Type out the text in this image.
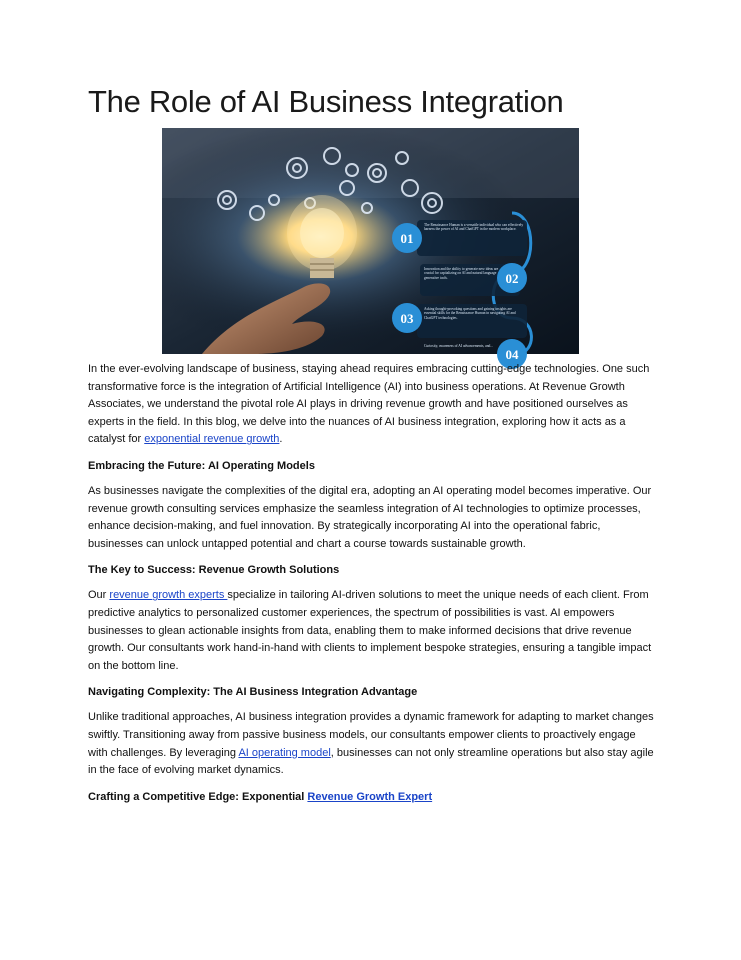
The Role of AI Business Integration
01
02
03
04
The Renaissance Human is a versatile individual who can effectively harness the power of AI and ChatGPT in the modern workplace.
Innovation and the ability to generate new ideas are crucial for capitalizing on AI and natural language generative tools.
Asking thought-provoking questions and gaining insights are essential skills for the Renaissance Human in navigating AI and ChatGPT technologies.
Curiosity, awareness of AI advancements, and...

In the ever-evolving landscape of business, staying ahead requires embracing cutting-edge technologies. One such transformative force is the integration of Artificial Intelligence (AI) into business operations. At Revenue Growth Associates, we understand the pivotal role AI plays in driving revenue growth and have positioned ourselves as experts in the field. In this blog, we delve into the nuances of AI business integration, exploring how it acts as a catalyst for exponential revenue growth.

Embracing the Future: AI Operating Models

As businesses navigate the complexities of the digital era, adopting an AI operating model becomes imperative. Our revenue growth consulting services emphasize the seamless integration of AI technologies to optimize processes, enhance decision-making, and fuel innovation. By strategically incorporating AI into the operational fabric, businesses can unlock untapped potential and chart a course towards sustainable growth.

The Key to Success: Revenue Growth Solutions

Our revenue growth experts specialize in tailoring AI-driven solutions to meet the unique needs of each client. From predictive analytics to personalized customer experiences, the spectrum of possibilities is vast. AI empowers businesses to glean actionable insights from data, enabling them to make informed decisions that drive revenue growth. Our consultants work hand-in-hand with clients to implement bespoke strategies, ensuring a tangible impact on the bottom line.

Navigating Complexity: The AI Business Integration Advantage

Unlike traditional approaches, AI business integration provides a dynamic framework for adapting to market changes swiftly. Transitioning away from passive business models, our consultants empower clients to proactively engage with challenges. By leveraging AI operating model, businesses can not only streamline operations but also stay agile in the face of evolving market dynamics.

Crafting a Competitive Edge: Exponential Revenue Growth Expert
